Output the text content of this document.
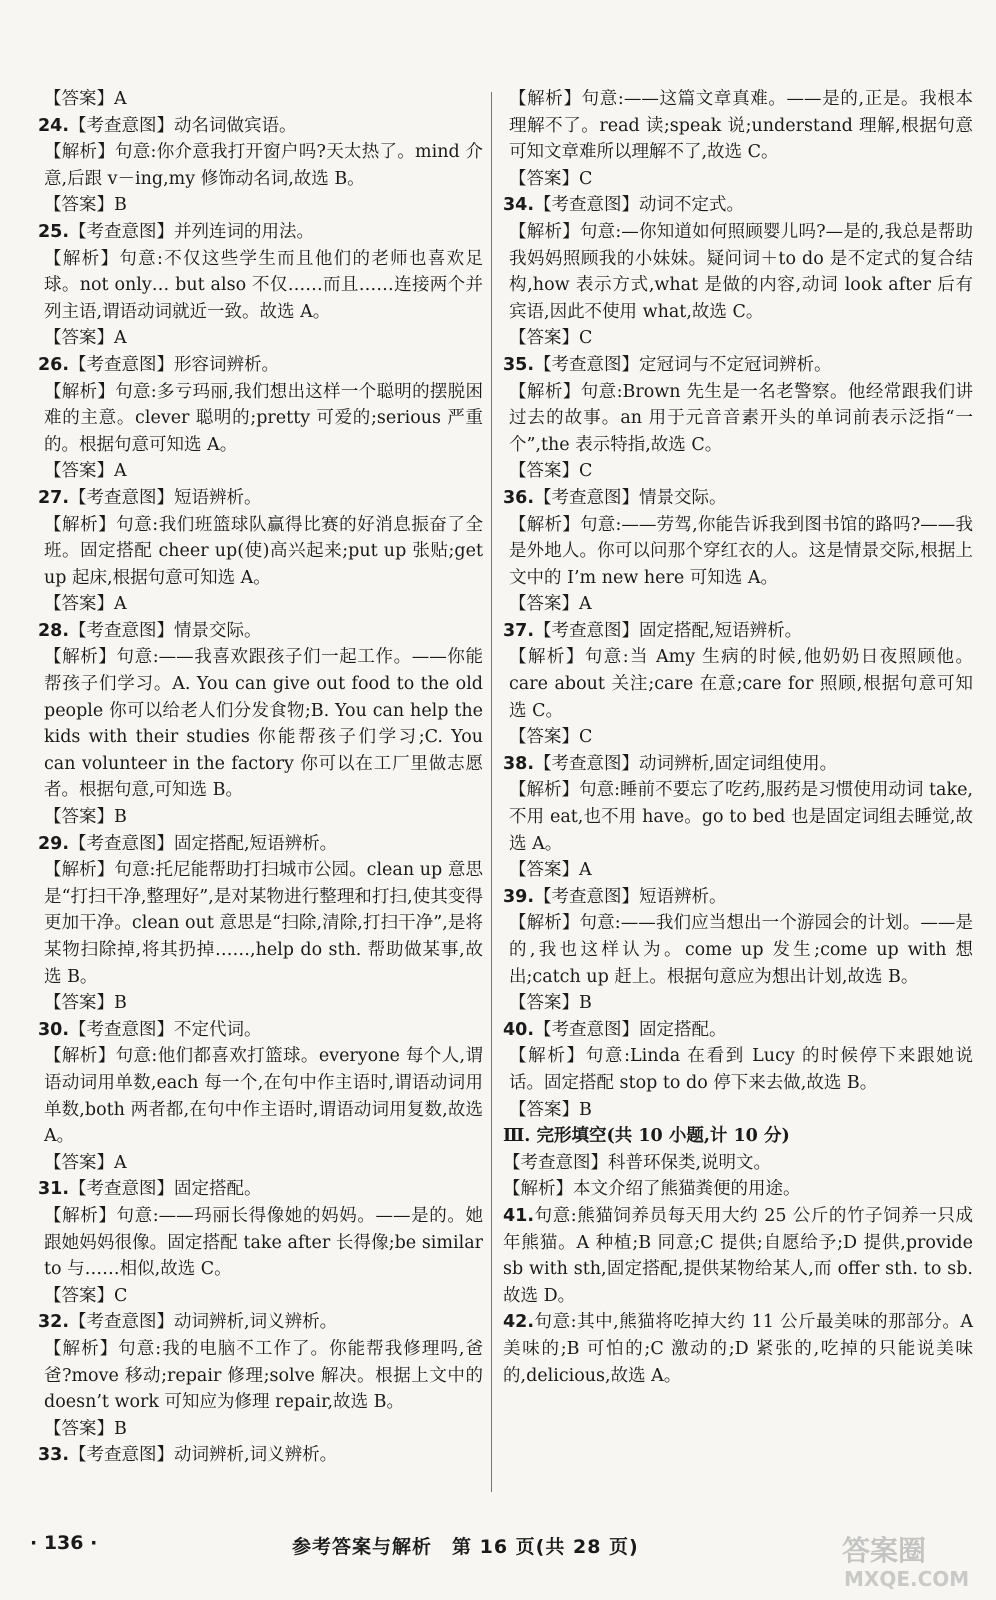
【答案】A

24.【考查意图】动名词做宾语。

【解析】句意:你介意我打开窗户吗?天太热了。mind 介意,后跟 v－ing,my 修饰动名词,故选 B。

【答案】B

25.【考查意图】并列连词的用法。

【解析】句意:不仅这些学生而且他们的老师也喜欢足球。not only… but also 不仅……而且……连接两个并列主语,谓语动词就近一致。故选 A。

【答案】A

26.【考查意图】形容词辨析。

【解析】句意:多亏玛丽,我们想出这样一个聪明的摆脱困难的主意。clever 聪明的;pretty 可爱的;serious 严重的。根据句意可知选 A。

【答案】A

27.【考查意图】短语辨析。

【解析】句意:我们班篮球队赢得比赛的好消息振奋了全班。固定搭配 cheer up(使)高兴起来;put up 张贴;get up 起床,根据句意可知选 A。

【答案】A

28.【考查意图】情景交际。

【解析】句意:——我喜欢跟孩子们一起工作。——你能帮孩子们学习。A. You can give out food to the old people 你可以给老人们分发食物;B. You can help the kids with their studies 你能帮孩子们学习;C. You can volunteer in the factory 你可以在工厂里做志愿者。根据句意,可知选 B。

【答案】B

29.【考查意图】固定搭配,短语辨析。

【解析】句意:托尼能帮助打扫城市公园。clean up 意思是“打扫干净,整理好”,是对某物进行整理和打扫,使其变得更加干净。clean out 意思是“扫除,清除,打扫干净”,是将某物扫除掉,将其扔掉……,help do sth. 帮助做某事,故选 B。

【答案】B

30.【考查意图】不定代词。

【解析】句意:他们都喜欢打篮球。everyone 每个人,谓语动词用单数,each 每一个,在句中作主语时,谓语动词用单数,both 两者都,在句中作主语时,谓语动词用复数,故选 A。

【答案】A

31.【考查意图】固定搭配。

【解析】句意:——玛丽长得像她的妈妈。——是的。她跟她妈妈很像。固定搭配 take after 长得像;be similar to 与……相似,故选 C。

【答案】C

32.【考查意图】动词辨析,词义辨析。

【解析】句意:我的电脑不工作了。你能帮我修理吗,爸爸?move 移动;repair 修理;solve 解决。根据上文中的 doesn’t work 可知应为修理 repair,故选 B。

【答案】B

33.【考查意图】动词辨析,词义辨析。

【解析】句意:——这篇文章真难。——是的,正是。我根本理解不了。read 读;speak 说;understand 理解,根据句意可知文章难所以理解不了,故选 C。

【答案】C

34.【考查意图】动词不定式。

【解析】句意:—你知道如何照顾婴儿吗?—是的,我总是帮助我妈妈照顾我的小妹妹。疑问词＋to do 是不定式的复合结构,how 表示方式,what 是做的内容,动词 look after 后有宾语,因此不使用 what,故选 C。

【答案】C

35.【考查意图】定冠词与不定冠词辨析。

【解析】句意:Brown 先生是一名老警察。他经常跟我们讲过去的故事。an 用于元音音素开头的单词前表示泛指“一个”,the 表示特指,故选 C。

【答案】C

36.【考查意图】情景交际。

【解析】句意:——劳驾,你能告诉我到图书馆的路吗?——我是外地人。你可以问那个穿红衣的人。这是情景交际,根据上文中的 I’m new here 可知选 A。

【答案】A

37.【考查意图】固定搭配,短语辨析。

【解析】句意:当 Amy 生病的时候,他奶奶日夜照顾他。care about 关注;care 在意;care for 照顾,根据句意可知选 C。

【答案】C

38.【考查意图】动词辨析,固定词组使用。

【解析】句意:睡前不要忘了吃药,服药是习惯使用动词 take,不用 eat,也不用 have。go to bed 也是固定词组去睡觉,故选 A。

【答案】A

39.【考查意图】短语辨析。

【解析】句意:——我们应当想出一个游园会的计划。——是的,我也这样认为。come up 发生;come up with 想出;catch up 赶上。根据句意应为想出计划,故选 B。

【答案】B

40.【考查意图】固定搭配。

【解析】句意:Linda 在看到 Lucy 的时候停下来跟她说话。固定搭配 stop to do 停下来去做,故选 B。

【答案】B

Ⅲ. 完形填空(共 10 小题,计 10 分)

【考查意图】科普环保类,说明文。

【解析】本文介绍了熊猫粪便的用途。

41.句意:熊猫饲养员每天用大约 25 公斤的竹子饲养一只成年熊猫。A 种植;B 同意;C 提供;自愿给予;D 提供,provide sb with sth,固定搭配,提供某物给某人,而 offer sth. to sb. 故选 D。

42.句意:其中,熊猫将吃掉大约 11 公斤最美味的那部分。A 美味的;B 可怕的;C 激动的;D 紧张的,吃掉的只能说美味的,delicious,故选 A。

· 136 ·	参考答案与解析　第 16 页(共 28 页)	答案圈
MXQE.COM
